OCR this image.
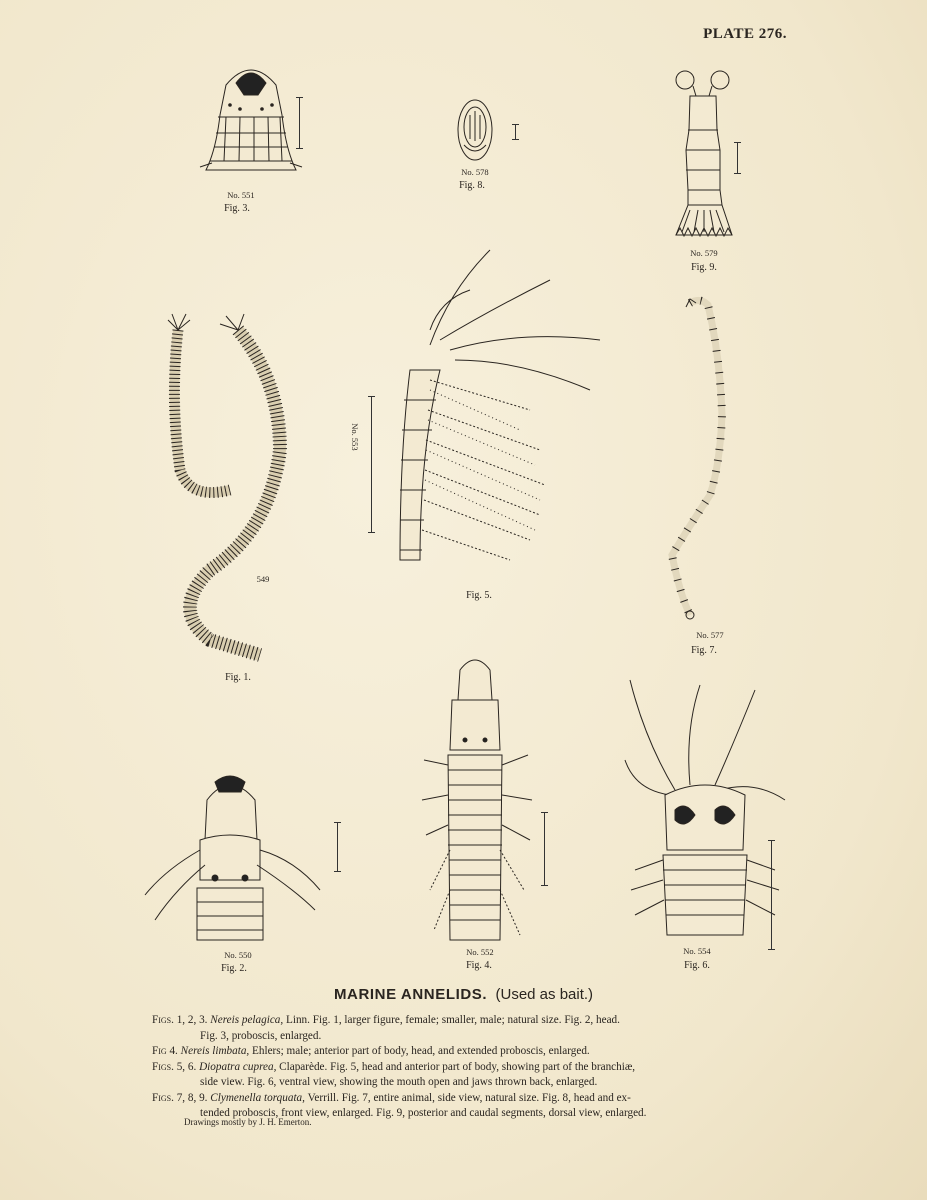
PLATE 276.
No. 551
Fig. 3.
No. 578
Fig. 8.
No. 579
Fig. 9.
549
Fig. 1.
No. 553
Fig. 5.
No. 577
Fig. 7.
No. 550
Fig. 2.
No. 552
Fig. 4.
No. 554
Fig. 6.
MARINE ANNELIDS. (Used as bait.)

Figs. 1, 2, 3. Nereis pelagica, Linn. Fig. 1, larger figure, female; smaller, male; natural size. Fig. 2, head.

Fig. 3, proboscis, enlarged.

Fig 4. Nereis limbata, Ehlers; male; anterior part of body, head, and extended proboscis, enlarged.

Figs. 5, 6. Diopatra cuprea, Claparède. Fig. 5, head and anterior part of body, showing part of the branchiæ,

side view. Fig. 6, ventral view, showing the mouth open and jaws thrown back, enlarged.

Figs. 7, 8, 9. Clymenella torquata, Verrill. Fig. 7, entire animal, side view, natural size. Fig. 8, head and ex-

tended proboscis, front view, enlarged. Fig. 9, posterior and caudal segments, dorsal view, enlarged.

Drawings mostly by J. H. Emerton.
